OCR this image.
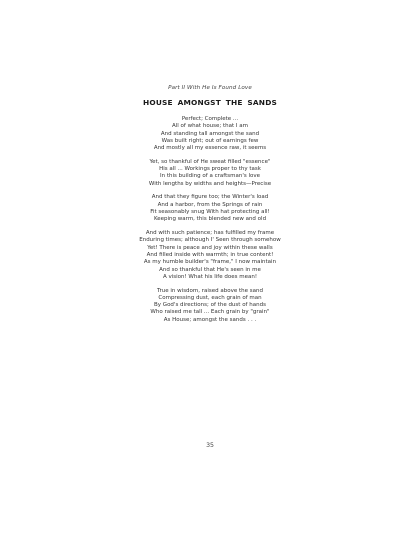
Part II With He Is Found Love
HOUSE AMONGST THE SANDS
Perfect; Complete ...
All of what house; that I am
And standing tall amongst the sand
Was built right; out of earnings few
And mostly all my essence raw, it seems
Yet, so thankful of He sweat filled "essence"
His all ... Workings proper to thy task
In this building of a craftsman's love
With lengths by widths and heights—Precise
And that they figure too; the Winter's load
And a harbor, from the Springs of rain
Fit seasonably snug With hat protecting all!
Keeping warm, this blended new and old
And with such patience; has fulfilled my frame
Enduring times; although I' Seen through somehow
Yet! There is peace and joy within these walls
And filled inside with warmth; in true content!
As my humble builder's "frame," I now maintain
And so thankful that He's seen in me
A vision! What his life does mean!
True in wisdom, raised above the sand
Compressing dust, each grain of man
By God's directions; of the dust of hands
Who raised me tall ... Each grain by "grain"
As House; amongst the sands . . .
35
